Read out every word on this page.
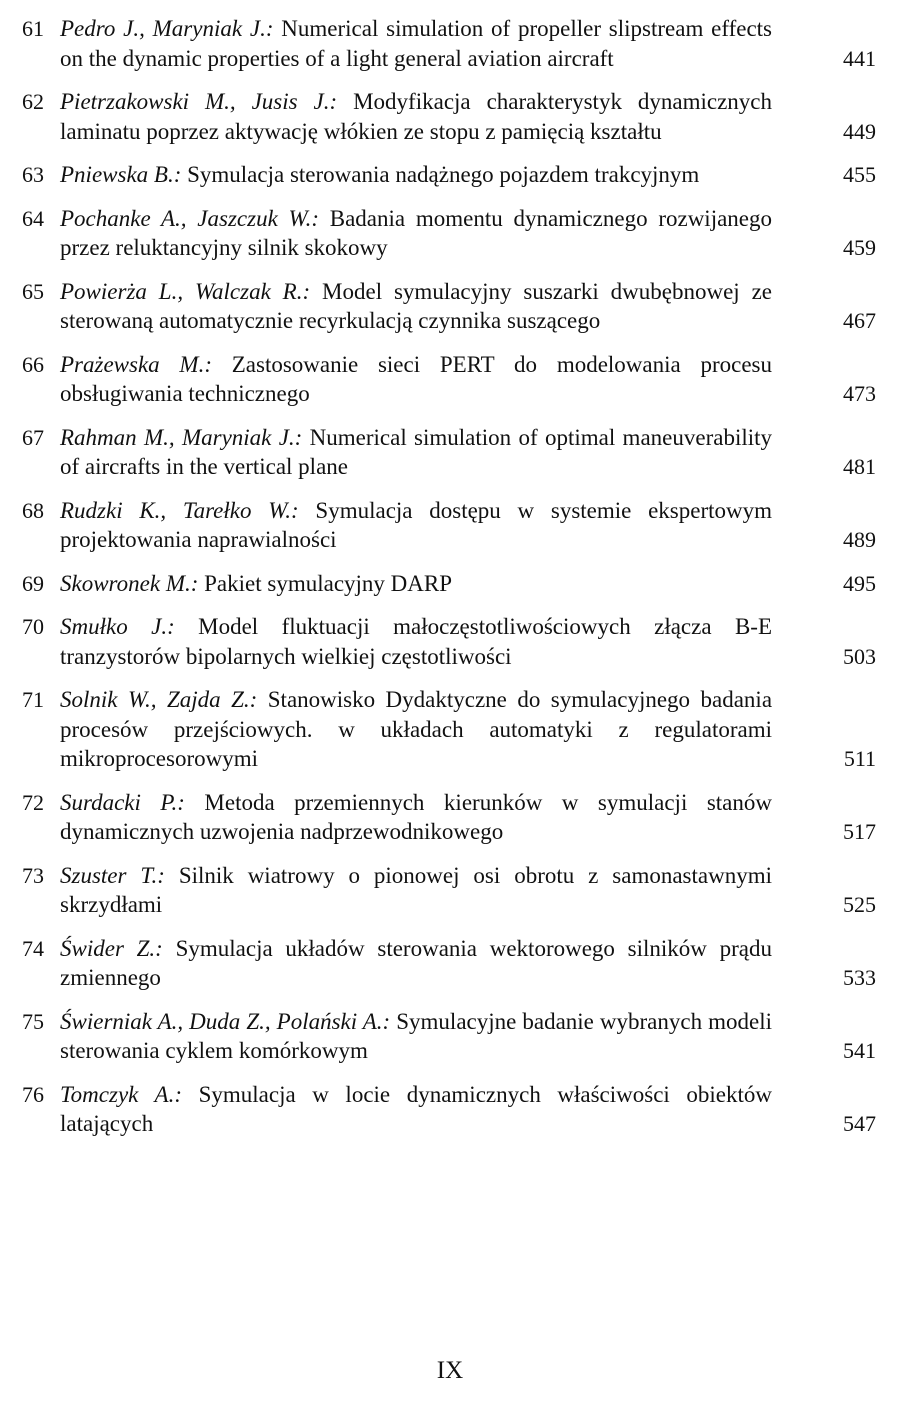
61 Pedro J., Maryniak J.: Numerical simulation of propeller slipstream effects on the dynamic properties of a light general aviation aircraft	441
62 Pietrzakowski M., Jusis J.: Modyfikacja charakterystyk dynamicznych laminatu poprzez aktywację włókien ze stopu z pamięcią kształtu	449
63 Pniewska B.: Symulacja sterowania nadążnego pojazdem trakcyjnym	455
64 Pochanke A., Jaszczuk W.: Badania momentu dynamicznego rozwijanego przez reluktancyjny silnik skokowy	459
65 Powierża L., Walczak R.: Model symulacyjny suszarki dwubębnowej ze sterowaną automatycznie recyrkulacją czynnika suszącego	467
66 Prażewska M.: Zastosowanie sieci PERT do modelowania procesu obsługiwania technicznego	473
67 Rahman M., Maryniak J.: Numerical simulation of optimal maneuverability of aircrafts in the vertical plane	481
68 Rudzki K., Tarełko W.: Symulacja dostępu w systemie ekspertowym projektowania naprawialności	489
69 Skowronek M.: Pakiet symulacyjny DARP	495
70 Smułko J.: Model fluktuacji małoczęstotliwościowych złącza B-E tranzystorów bipolarnych wielkiej częstotliwości	503
71 Solnik W., Zajda Z.: Stanowisko Dydaktyczne do symulacyjnego badania procesów przejściowych. w układach automatyki z regulatorami mikroprocesorowymi	511
72 Surdacki P.: Metoda przemiennych kierunków w symulacji stanów dynamicznych uzwojenia nadprzewodnikowego	517
73 Szuster T.: Silnik wiatrowy o pionowej osi obrotu z samonastawnymi skrzydłami	525
74 Świder Z.: Symulacja układów sterowania wektorowego silników prądu zmiennego	533
75 Świerniak A., Duda Z., Polański A.: Symulacyjne badanie wybranych modeli sterowania cyklem komórkowym	541
76 Tomczyk A.: Symulacja w locie dynamicznych właściwości obiektów latających	547
IX
